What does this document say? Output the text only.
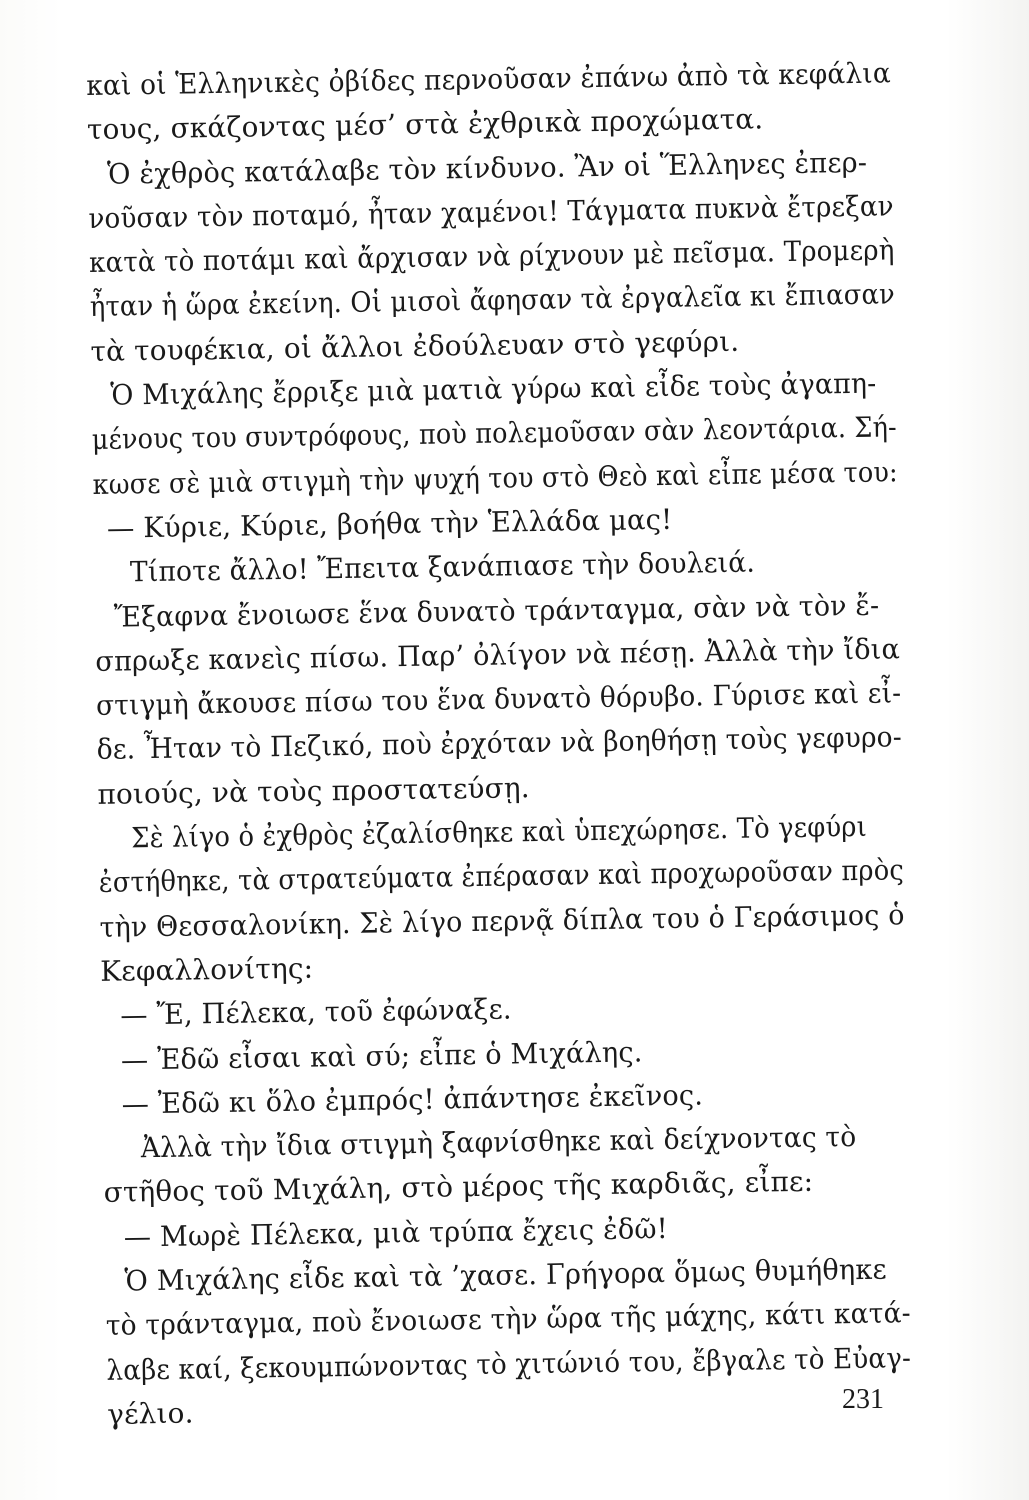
καὶ οἱ Ἑλληνικὲς ὀβίδες περνοῦσαν ἐπάνω ἀπὸ τὰ κεφάλια
τους, σκάζοντας μέσ’ στὰ ἐχθρικὰ προχώματα.
Ὁ ἐχθρὸς κατάλαβε τὸν κίνδυνο. Ἂν οἱ Ἕλληνες ἐπερ-
νοῦσαν τὸν ποταμό, ἦταν χαμένοι! Τάγματα πυκνὰ ἔτρεξαν
κατὰ τὸ ποτάμι καὶ ἄρχισαν νὰ ρίχνουν μὲ πεῖσμα. Τρομερὴ
ἦταν ἡ ὥρα ἐκείνη. Οἱ μισοὶ ἄφησαν τὰ ἐργαλεῖα κι ἔπιασαν
τὰ τουφέκια, οἱ ἄλλοι ἐδούλευαν στὸ γεφύρι.
Ὁ Μιχάλης ἔρριξε μιὰ ματιὰ γύρω καὶ εἶδε τοὺς ἀγαπη-
μένους του συντρόφους, ποὺ πολεμοῦσαν σὰν λεοντάρια. Σή-
κωσε σὲ μιὰ στιγμὴ τὴν ψυχή του στὸ Θεὸ καὶ εἶπε μέσα του:
— Κύριε, Κύριε, βοήθα τὴν Ἑλλάδα μας!
Τίποτε ἄλλο! Ἔπειτα ξανάπιασε τὴν δουλειά.
Ἔξαφνα ἔνοιωσε ἕνα δυνατὸ τράνταγμα, σὰν νὰ τὸν ἔ-
σπρωξε κανεὶς πίσω. Παρ’ ὀλίγον νὰ πέσῃ. Ἀλλὰ τὴν ἴδια
στιγμὴ ἄκουσε πίσω του ἕνα δυνατὸ θόρυβο. Γύρισε καὶ εἶ-
δε. Ἦταν τὸ Πεζικό, ποὺ ἐρχόταν νὰ βοηθήσῃ τοὺς γεφυρο-
ποιούς, νὰ τοὺς προστατεύσῃ.
Σὲ λίγο ὁ ἐχθρὸς ἐζαλίσθηκε καὶ ὑπεχώρησε. Τὸ γεφύρι
ἐστήθηκε, τὰ στρατεύματα ἐπέρασαν καὶ προχωροῦσαν πρὸς
τὴν Θεσσαλονίκη. Σὲ λίγο περνᾷ δίπλα του ὁ Γεράσιμος ὁ
Κεφαλλονίτης:
— Ἔ, Πέλεκα, τοῦ ἐφώναξε.
— Ἐδῶ εἶσαι καὶ σύ; εἶπε ὁ Μιχάλης.
— Ἐδῶ κι ὅλο ἐμπρός! ἀπάντησε ἐκεῖνος.
Ἀλλὰ τὴν ἴδια στιγμὴ ξαφνίσθηκε καὶ δείχνοντας τὸ
στῆθος τοῦ Μιχάλη, στὸ μέρος τῆς καρδιᾶς, εἶπε:
— Μωρὲ Πέλεκα, μιὰ τρύπα ἔχεις ἐδῶ!
Ὁ Μιχάλης εἶδε καὶ τὰ ’χασε. Γρήγορα ὅμως θυμήθηκε
τὸ τράνταγμα, ποὺ ἔνοιωσε τὴν ὥρα τῆς μάχης, κάτι κατά-
λαβε καί, ξεκουμπώνοντας τὸ χιτώνιό του, ἔβγαλε τὸ Εὐαγ-
γέλιο.	231
